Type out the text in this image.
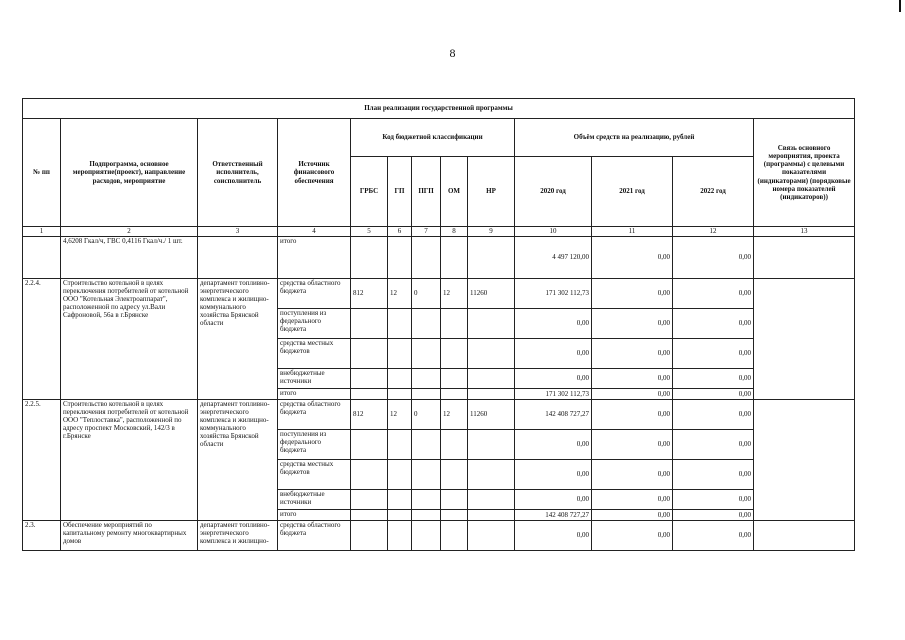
8
План реализации государственной программы												
№ пп	Подпрограмма, основное мероприятие(проект), направление расходов, мероприятие	Ответственный исполнитель, соисполнитель	Источник финансового обеспечения	Код бюджетной классификации					Объём средств на реализацию, рублей			Связь основного мероприятия, проекта (программы) с целевыми показателями (индикаторами) (порядковые номера показателей (индикаторов))
				ГРБС	ГП	ПГП	ОМ	НР	2020 год	2021 год	2022 год	
1	2	3	4	5	6	7	8	9	10	11	12	13
	4,6208 Гкал/ч, ГВС 0,4116 Гкал/ч./ 1 шт.		итого						4 497 120,00	0,00	0,00	
2.2.4.	Строительство котельной в целях переключения потребителей от котельной ООО "Котельная Электроаппарат", расположенной по адресу ул.Вали Сафроновой, 56а в г.Брянске	департамент топливно-энергетического комплекса и жилищно-коммунального хозяйства Брянской области	средства областного бюджета	812	12	0	12	11260	171 302 112,73	0,00	0,00	
			поступления из федерального бюджета						0,00	0,00	0,00	
			средства местных бюджетов						0,00	0,00	0,00	
			внебюджетные источники						0,00	0,00	0,00	
			итого						171 302 112,73	0,00	0,00	
2.2.5.	Строительство котельной в целях переключения потребителей от котельной ООО "Теплоставка", расположенной по адресу проспект Московский, 142/3 в г.Брянске	департамент топливно-энергетического комплекса и жилищно-коммунального хозяйства Брянской области	средства областного бюджета	812	12	0	12	11260	142 408 727,27	0,00	0,00	
			поступления из федерального бюджета						0,00	0,00	0,00	
			средства местных бюджетов						0,00	0,00	0,00	
			внебюджетные источники						0,00	0,00	0,00	
			итого						142 408 727,27	0,00	0,00	
2.3.	Обеспечение мероприятий по капитальному ремонту многоквартирных домов	департамент топливно-энергетического комплекса и жилищно-	средства областного бюджета						0,00	0,00	0,00	
